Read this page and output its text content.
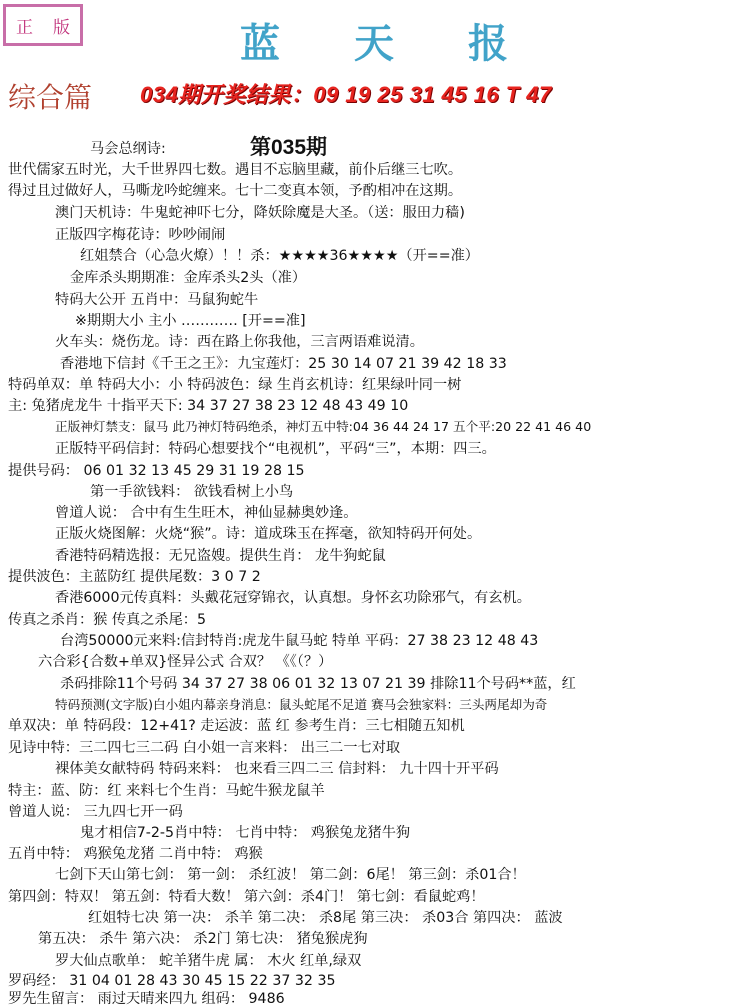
正 版	蓝 天 报
综合篇 034期开奖结果：09 19 25 31 45 16 T 47
第035期
马会总纲诗:
世代儒家五时光，大千世界四七数。遇目不忘脑里藏，前仆后继三七吹。
得过且过做好人，马嘶龙吟蛇缠来。七十二变真本领，予酌相冲在这期。
澳门天机诗：牛鬼蛇神吓七分，降妖除魔是大圣。（送：服田力穑)
正版四字梅花诗：吵吵闹闹
红姐禁合（心急火燎）！！杀：★★★★36★★★★（开==准）
金库杀头期期准：金库杀头2头（准）
特码大公开 五肖中：马鼠狗蛇牛
※期期大小 主小 ………… [开==准]
火车头：烧伤龙。诗：西在路上你我他，三言两语难说清。
香港地下信封《千王之王》：九宝莲灯：25 30 14 07 21 39 42 18 33
特码单双：单 特码大小：小 特码波色：绿 生肖玄机诗：红果绿叶同一树
主: 兔猪虎龙牛 十指平天下: 34 37 27 38 23 12 48 43 49 10
正版神灯禁支：鼠马 此乃神灯特码绝杀，神灯五中特:04 36 44 24 17 五个平:20 22 41 46 40
正版特平码信封：特码心想要找个“电视机”，平码“三”，本期：四三。
提供号码： 06 01 32 13 45 29 31 19 28 15
第一手欲钱料： 欲钱看树上小鸟
曾道人说： 合中有生生旺木，神仙显赫奥妙逢。
正版火烧图解：火烧“猴”。诗：道成珠玉在挥毫，欲知特码开何处。
香港特码精选报：无兄盗嫂。提供生肖： 龙牛狗蛇鼠
提供波色：主蓝防红 提供尾数：3 0 7 2
香港6000元传真料：头戴花冠穿锦衣，认真想。身怀玄功除邪气，有玄机。
传真之杀肖：猴 传真之杀尾：5
台湾50000元来料:信封特肖:虎龙牛鼠马蛇 特单 平码：27 38 23 12 48 43
六合彩{合数+单双}怪异公式 合双？ 《《（？）
杀码排除11个号码 34 37 27 38 06 01 32 13 07 21 39 排除11个号码**蓝，红
特码预测(文字版)白小姐内幕亲身消息：鼠头蛇尾不足道 赛马会独家料：三头两尾却为奇
单双决：单 特码段：12+41? 走运波：蓝 红 参考生肖：三七相随五知机
见诗中特：三二四七三二码 白小姐一言来料： 出三二一七对取
裸体美女献特码 特码来料： 也来看三四二三 信封料： 九十四十开平码
特主：蓝、防：红 来料七个生肖：马蛇牛猴龙鼠羊
曾道人说： 三九四七开一码
鬼才相信7-2-5肖中特： 七肖中特： 鸡猴兔龙猪牛狗
五肖中特： 鸡猴兔龙猪 二肖中特： 鸡猴
七剑下天山第七剑： 第一剑： 杀红波！ 第二剑：6尾！ 第三剑：杀01合！
第四剑：特双！ 第五剑：特看大数！ 第六剑：杀4门！ 第七剑：看鼠蛇鸡！
红姐特七决 第一决： 杀羊 第二决： 杀8尾 第三决： 杀03合 第四决： 蓝波
第五决： 杀牛 第六决： 杀2门 第七决： 猪兔猴虎狗
罗大仙点歌单： 蛇羊猪牛虎 属： 木火 红单,绿双
罗码经： 31 04 01 28 43 30 45 15 22 37 32 35
罗先生留言： 雨过天晴来四九 组码： 9486
